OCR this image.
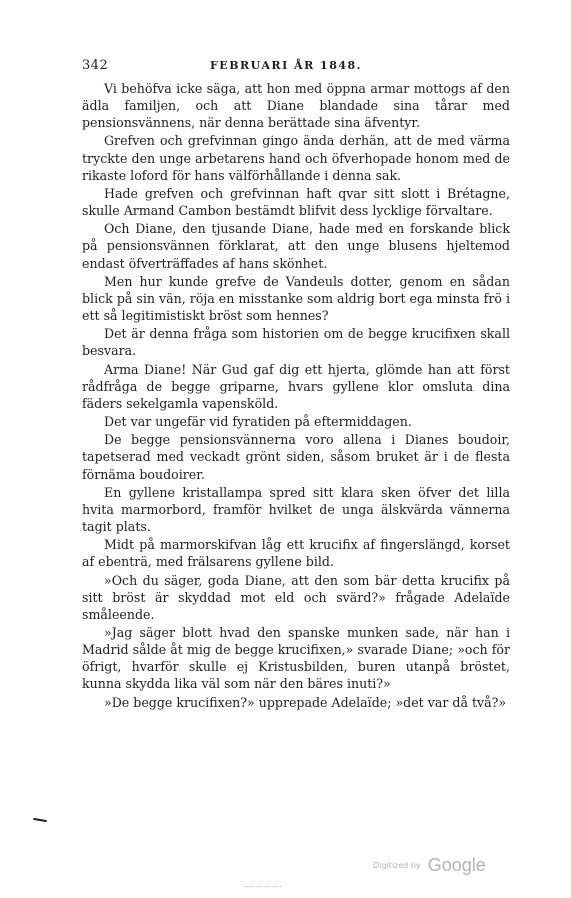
342	FEBRUARI ÅR 1848.

Vi behöfva icke säga, att hon med öppna armar mottogs af den ädla familjen, och att Diane blandade sina tårar med pensionsvännens, när denna berättade sina äfventyr.

Grefven och grefvinnan gingo ända derhän, att de med värma tryckte den unge arbetarens hand och öfverhopade honom med de rikaste loford för hans välförhållande i denna sak.

Hade grefven och grefvinnan haft qvar sitt slott i Brétagne, skulle Armand Cambon bestämdt blifvit dess lycklige förvaltare.

Och Diane, den tjusande Diane, hade med en forskande blick på pensionsvännen förklarat, att den unge blusens hjeltemod endast öfverträffades af hans skönhet.

Men hur kunde grefve de Vandeuls dotter, genom en sådan blick på sin vän, röja en misstanke som aldrig bort ega minsta frö i ett så legitimistiskt bröst som hennes?

Det är denna fråga som historien om de begge krucifixen skall besvara.

Arma Diane! När Gud gaf dig ett hjerta, glömde han att först rådfråga de begge griparne, hvars gyllene klor omsluta dina fäders sekelgamla vapensköld.

Det var ungefär vid fyratiden på eftermiddagen.

De begge pensionsvännerna voro allena i Dianes boudoir, tapetserad med veckadt grönt siden, såsom bruket är i de flesta förnäma boudoirer.

En gyllene kristallampa spred sitt klara sken öfver det lilla hvita marmorbord, framför hvilket de unga älskvärda vännerna tagit plats.

Midt på marmorskifvan låg ett krucifix af fingerslängd, korset af ebenträ, med frälsarens gyllene bild.

»Och du säger, goda Diane, att den som bär detta krucifix på sitt bröst är skyddad mot eld och svärd?» frågade Adelaïde småleende.

»Jag säger blott hvad den spanske munken sade, när han i Madrid sålde åt mig de begge krucifixen,» svarade Diane; »och för öfrigt, hvarför skulle ej Kristusbilden, buren utanpå bröstet, kunna skydda lika väl som när den bäres inuti?»

»De begge krucifixen?» upprepade Adelaïde; »det var då två?»

Digitized by Google
